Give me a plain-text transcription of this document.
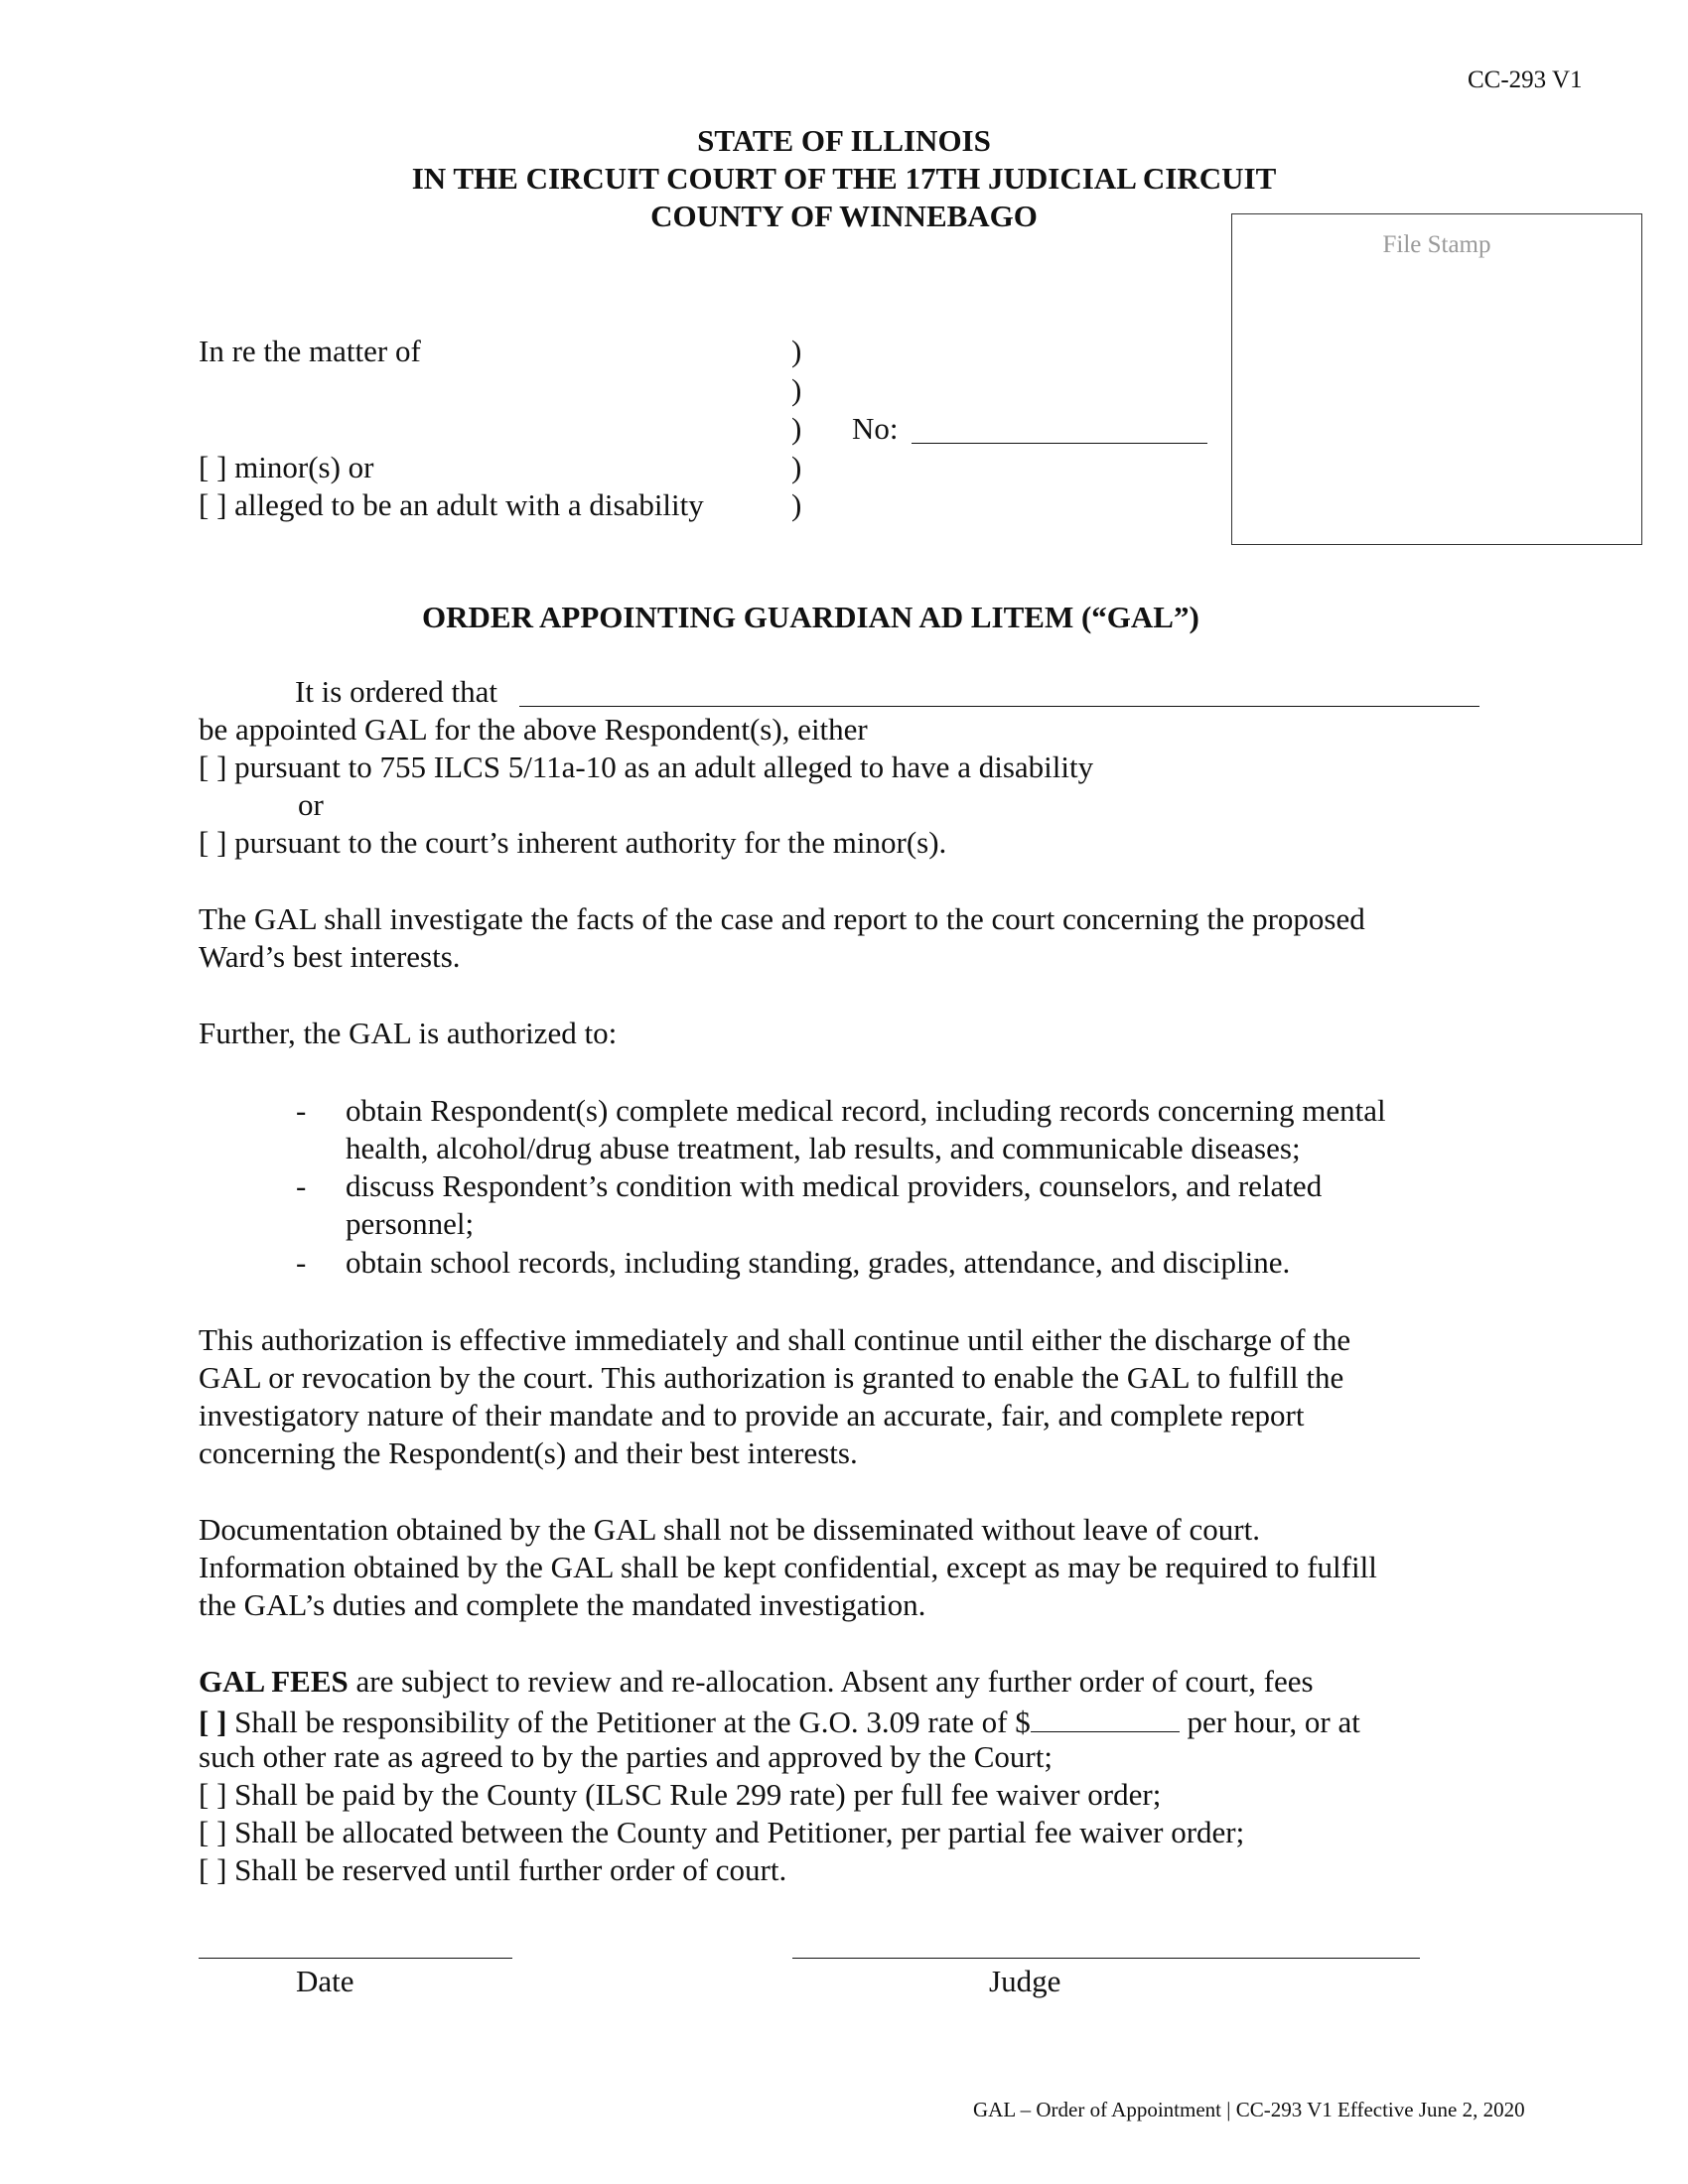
CC-293 V1
STATE OF ILLINOIS
IN THE CIRCUIT COURT OF THE 17TH JUDICIAL CIRCUIT
COUNTY OF WINNEBAGO
File Stamp
In re the matter of
[ ] minor(s) or
[ ] alleged to be an adult with a disability
)
)
)
)
)
No:
ORDER APPOINTING GUARDIAN AD LITEM (“GAL”)
It is ordered that
be appointed GAL for the above Respondent(s), either
[ ] pursuant to 755 ILCS 5/11a-10 as an adult alleged to have a disability
or
[ ] pursuant to the court’s inherent authority for the minor(s).
The GAL shall investigate the facts of the case and report to the court concerning the proposed
Ward’s best interests.
Further, the GAL is authorized to:
- obtain Respondent(s) complete medical record, including records concerning mental
health, alcohol/drug abuse treatment, lab results, and communicable diseases;
- discuss Respondent’s condition with medical providers, counselors, and related
personnel;
- obtain school records, including standing, grades, attendance, and discipline.
This authorization is effective immediately and shall continue until either the discharge of the
GAL or revocation by the court. This authorization is granted to enable the GAL to fulfill the
investigatory nature of their mandate and to provide an accurate, fair, and complete report
concerning the Respondent(s) and their best interests.
Documentation obtained by the GAL shall not be disseminated without leave of court.
Information obtained by the GAL shall be kept confidential, except as may be required to fulfill
the GAL’s duties and complete the mandated investigation.
GAL FEES are subject to review and re-allocation. Absent any further order of court, fees
[ ] Shall be responsibility of the Petitioner at the G.O. 3.09 rate of $	per hour, or at
such other rate as agreed to by the parties and approved by the Court;
[ ] Shall be paid by the County (ILSC Rule 299 rate) per full fee waiver order;
[ ] Shall be allocated between the County and Petitioner, per partial fee waiver order;
[ ] Shall be reserved until further order of court.
Date	Judge
GAL – Order of Appointment | CC-293 V1 Effective June 2, 2020
